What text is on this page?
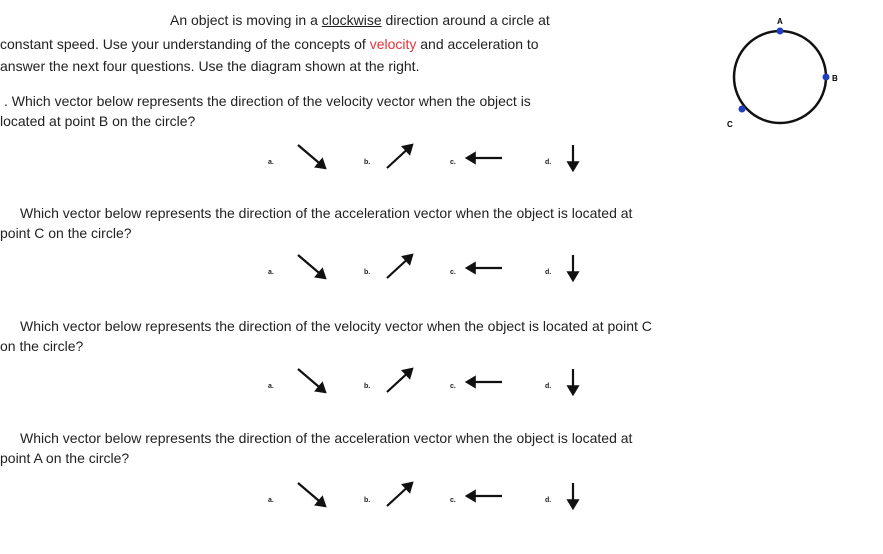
An object is moving in a clockwise direction around a circle at
constant speed. Use your understanding of the concepts of velocity and acceleration to
answer the next four questions. Use the diagram shown at the right.
A
B
C
. Which vector below represents the direction of the velocity vector when the object is
located at point B on the circle?
Which vector below represents the direction of the acceleration vector when the object is located at
point C on the circle?
Which vector below represents the direction of the velocity vector when the object is located at point C
on the circle?
Which vector below represents the direction of the acceleration vector when the object is located at
point A on the circle?
a.	b.	c.	d.
a.	b.	c.	d.
a.	b.	c.	d.
a.	b.	c.	d.
